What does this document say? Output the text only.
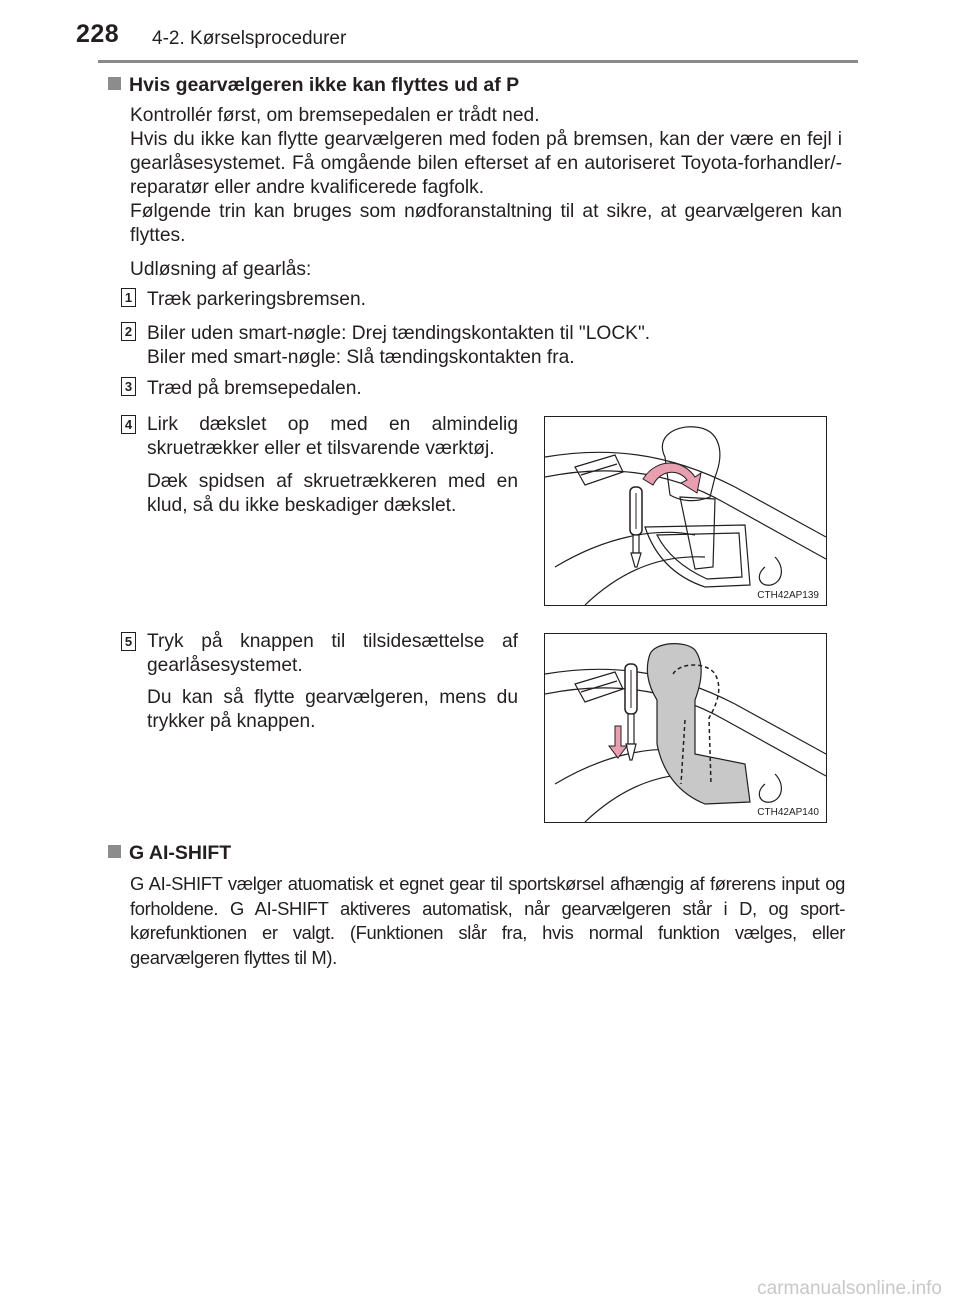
228 4-2. Kørselsprocedurer
Hvis gearvælgeren ikke kan flyttes ud af P

Kontrollér først, om bremsepedalen er trådt ned.

Hvis du ikke kan flytte gearvælgeren med foden på bremsen, kan der være en fejl i gearlåsesystemet. Få omgående bilen efterset af en autoriseret Toyota-forhandler/-reparatør eller andre kvalificerede fagfolk.

Følgende trin kan bruges som nødforanstaltning til at sikre, at gearvælgeren kan flyttes.

Udløsning af gearlås:

1 Træk parkeringsbremsen.

2 Biler uden smart-nøgle: Drej tændingskontakten til "LOCK".

Biler med smart-nøgle: Slå tændingskontakten fra.

3 Træd på bremsepedalen.

4 Lirk dækslet op med en almindelig skruetrækker eller et tilsvarende værktøj.

Dæk spidsen af skruetrækkeren med en klud, så du ikke beskadiger dækslet.

CTH42AP139
5 Tryk på knappen til tilsidesættelse af gearlåsesystemet.

Du kan så flytte gearvælgeren, mens du trykker på knappen.

CTH42AP140
G AI-SHIFT

G AI-SHIFT vælger atuomatisk et egnet gear til sportskørsel afhængig af førerens input og forholdene. G AI-SHIFT aktiveres automatisk, når gearvælgeren står i D, og sport-kørefunktionen er valgt. (Funktionen slår fra, hvis normal funktion vælges, eller gearvælgeren flyttes til M).

carmanualsonline.info
